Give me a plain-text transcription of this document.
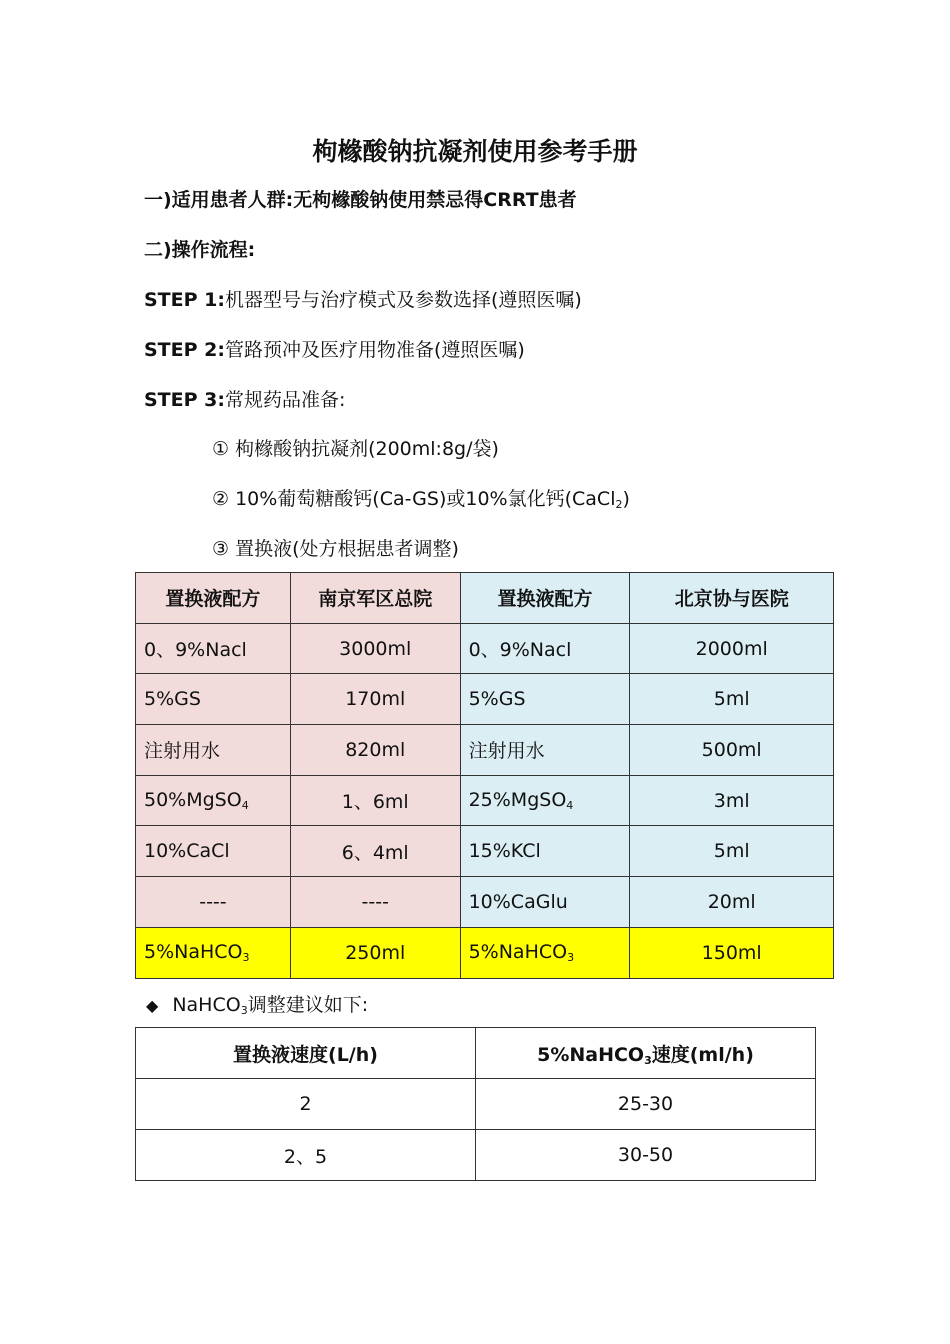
枸橼酸钠抗凝剂使用参考手册
一)适用患者人群:无枸橼酸钠使用禁忌得CRRT患者
二)操作流程:
STEP 1:机器型号与治疗模式及参数选择(遵照医嘱)
STEP 2:管路预冲及医疗用物准备(遵照医嘱)
STEP 3:常规药品准备:
① 枸橼酸钠抗凝剂(200ml:8g/袋)
② 10%葡萄糖酸钙(Ca-GS)或10%氯化钙(CaCl$_2$)
③ 置换液(处方根据患者调整)
置换液配方	南京军区总院	置换液配方	北京协与医院
0、9%Nacl	3000ml	0、9%Nacl	2000ml
5%GS	170ml	5%GS	5ml
注射用水	820ml	注射用水	500ml
50%MgSO$_4$	1、6ml	25%MgSO$_4$	3ml
10%CaCl	6、4ml	15%KCl	5ml
----	----	10%CaGlu	20ml
5%NaHCO$_3$	250ml	5%NaHCO$_3$	150ml
◆ NaHCO$_3$调整建议如下:
置换液速度(L/h)	5%NaHCO$_3$速度(ml/h)
2	25-30
2、5	30-50
